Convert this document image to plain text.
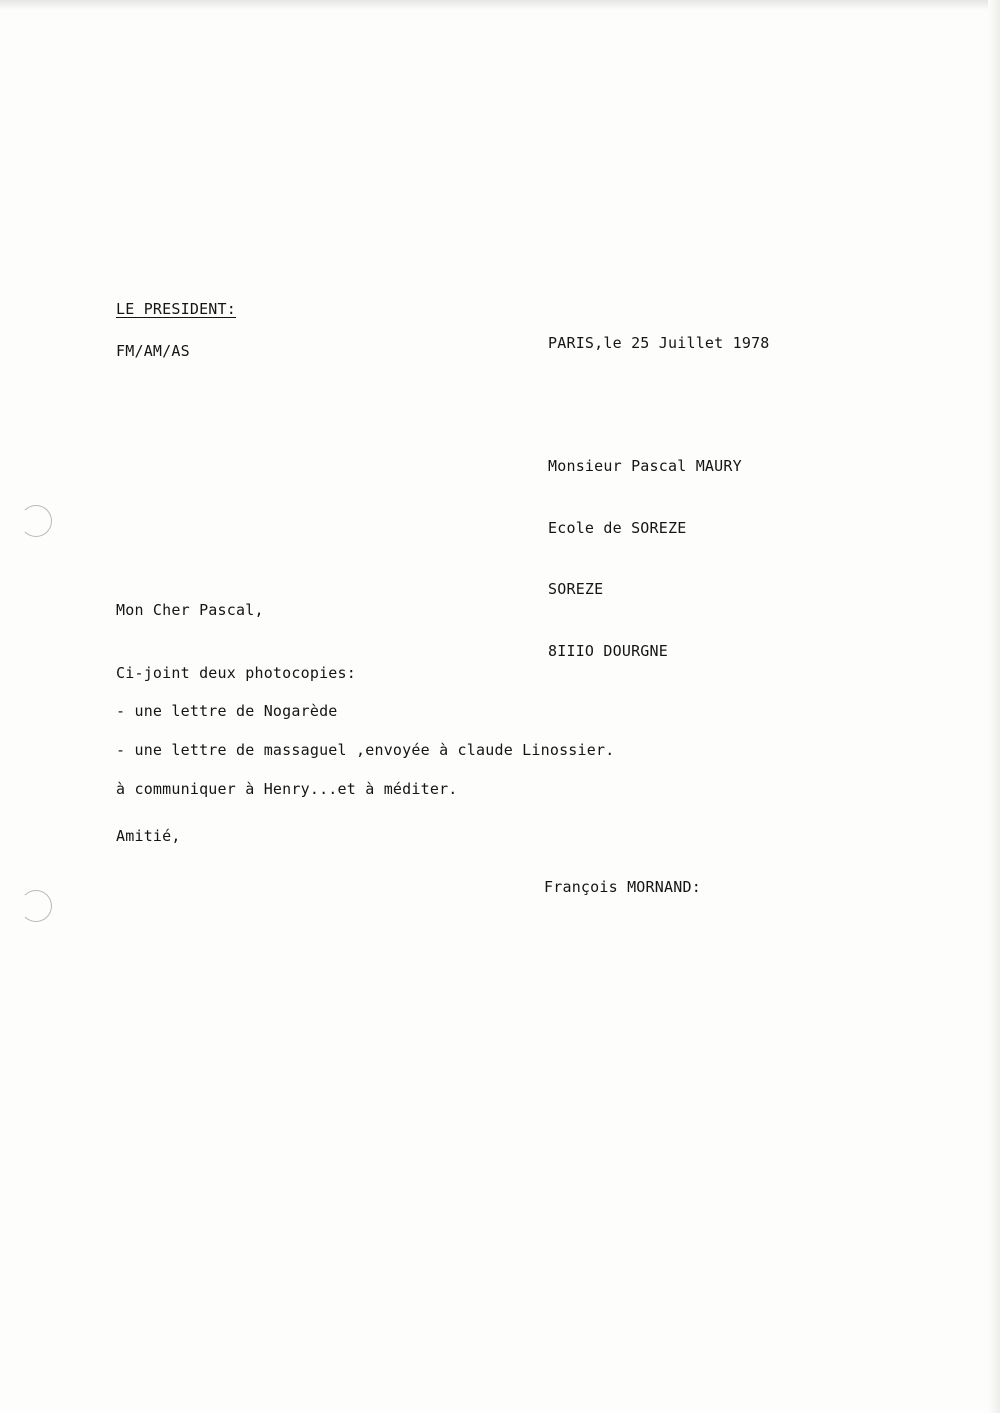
LE PRESIDENT:
FM/AM/AS	PARIS,le 25 Juillet 1978

Monsieur Pascal MAURY

Ecole de SOREZE

SOREZE

8IIIO DOURGNE

Mon Cher Pascal,
Ci-joint deux photocopies:
- une lettre de Nogarède
- une lettre de massaguel ,envoyée à claude Linossier.
à communiquer à Henry...et à méditer.
Amitié,
François MORNAND:
